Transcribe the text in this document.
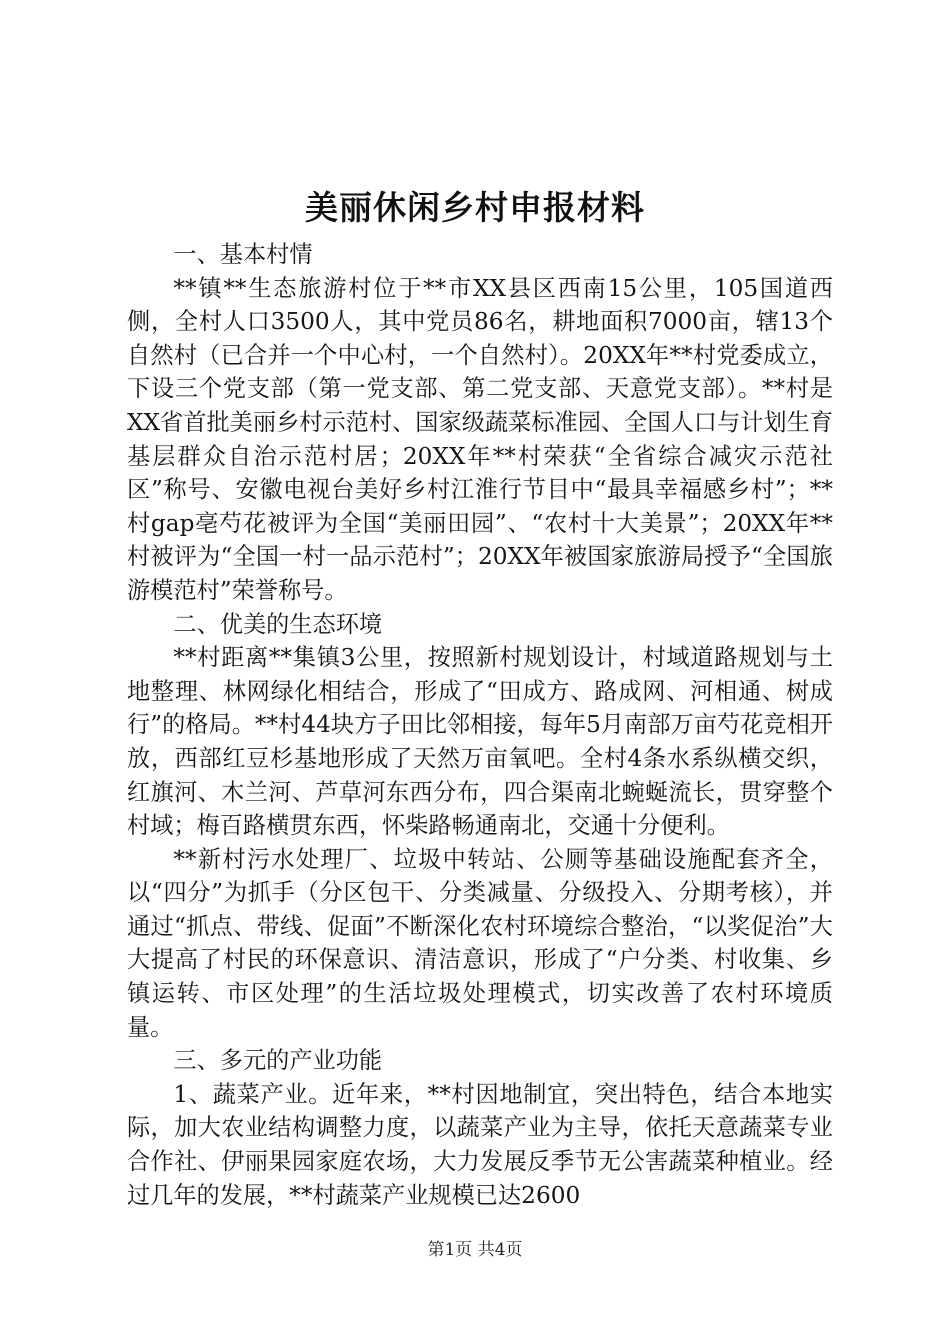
美丽休闲乡村申报材料

一、基本村情

**镇**生态旅游村位于**市XX县区西南15公里，105国道西侧，全村人口3500人，其中党员86名，耕地面积7000亩，辖13个自然村（已合并一个中心村，一个自然村）。20XX年**村党委成立，下设三个党支部（第一党支部、第二党支部、天意党支部）。**村是XX省首批美丽乡村示范村、国家级蔬菜标准园、全国人口与计划生育基层群众自治示范村居；20XX年**村荣获“全省综合减灾示范社区”称号、安徽电视台美好乡村江淮行节目中“最具幸福感乡村”；**村gap亳芍花被评为全国“美丽田园”、“农村十大美景”；20XX年**村被评为“全国一村一品示范村”；20XX年被国家旅游局授予“全国旅游模范村”荣誉称号。

二、优美的生态环境

**村距离**集镇3公里，按照新村规划设计，村域道路规划与土地整理、林网绿化相结合，形成了“田成方、路成网、河相通、树成行”的格局。**村44块方子田比邻相接，每年5月南部万亩芍花竞相开放，西部红豆杉基地形成了天然万亩氧吧。全村4条水系纵横交织，红旗河、木兰河、芦草河东西分布，四合渠南北蜿蜒流长，贯穿整个村域；梅百路横贯东西，怀柴路畅通南北，交通十分便利。

**新村污水处理厂、垃圾中转站、公厕等基础设施配套齐全，以“四分”为抓手（分区包干、分类减量、分级投入、分期考核），并通过“抓点、带线、促面”不断深化农村环境综合整治，“以奖促治”大大提高了村民的环保意识、清洁意识，形成了“户分类、村收集、乡镇运转、市区处理”的生活垃圾处理模式，切实改善了农村环境质量。

三、多元的产业功能

1、蔬菜产业。近年来，**村因地制宜，突出特色，结合本地实际，加大农业结构调整力度，以蔬菜产业为主导，依托天意蔬菜专业合作社、伊丽果园家庭农场，大力发展反季节无公害蔬菜种植业。经过几年的发展，**村蔬菜产业规模已达2600

第1页 共4页
